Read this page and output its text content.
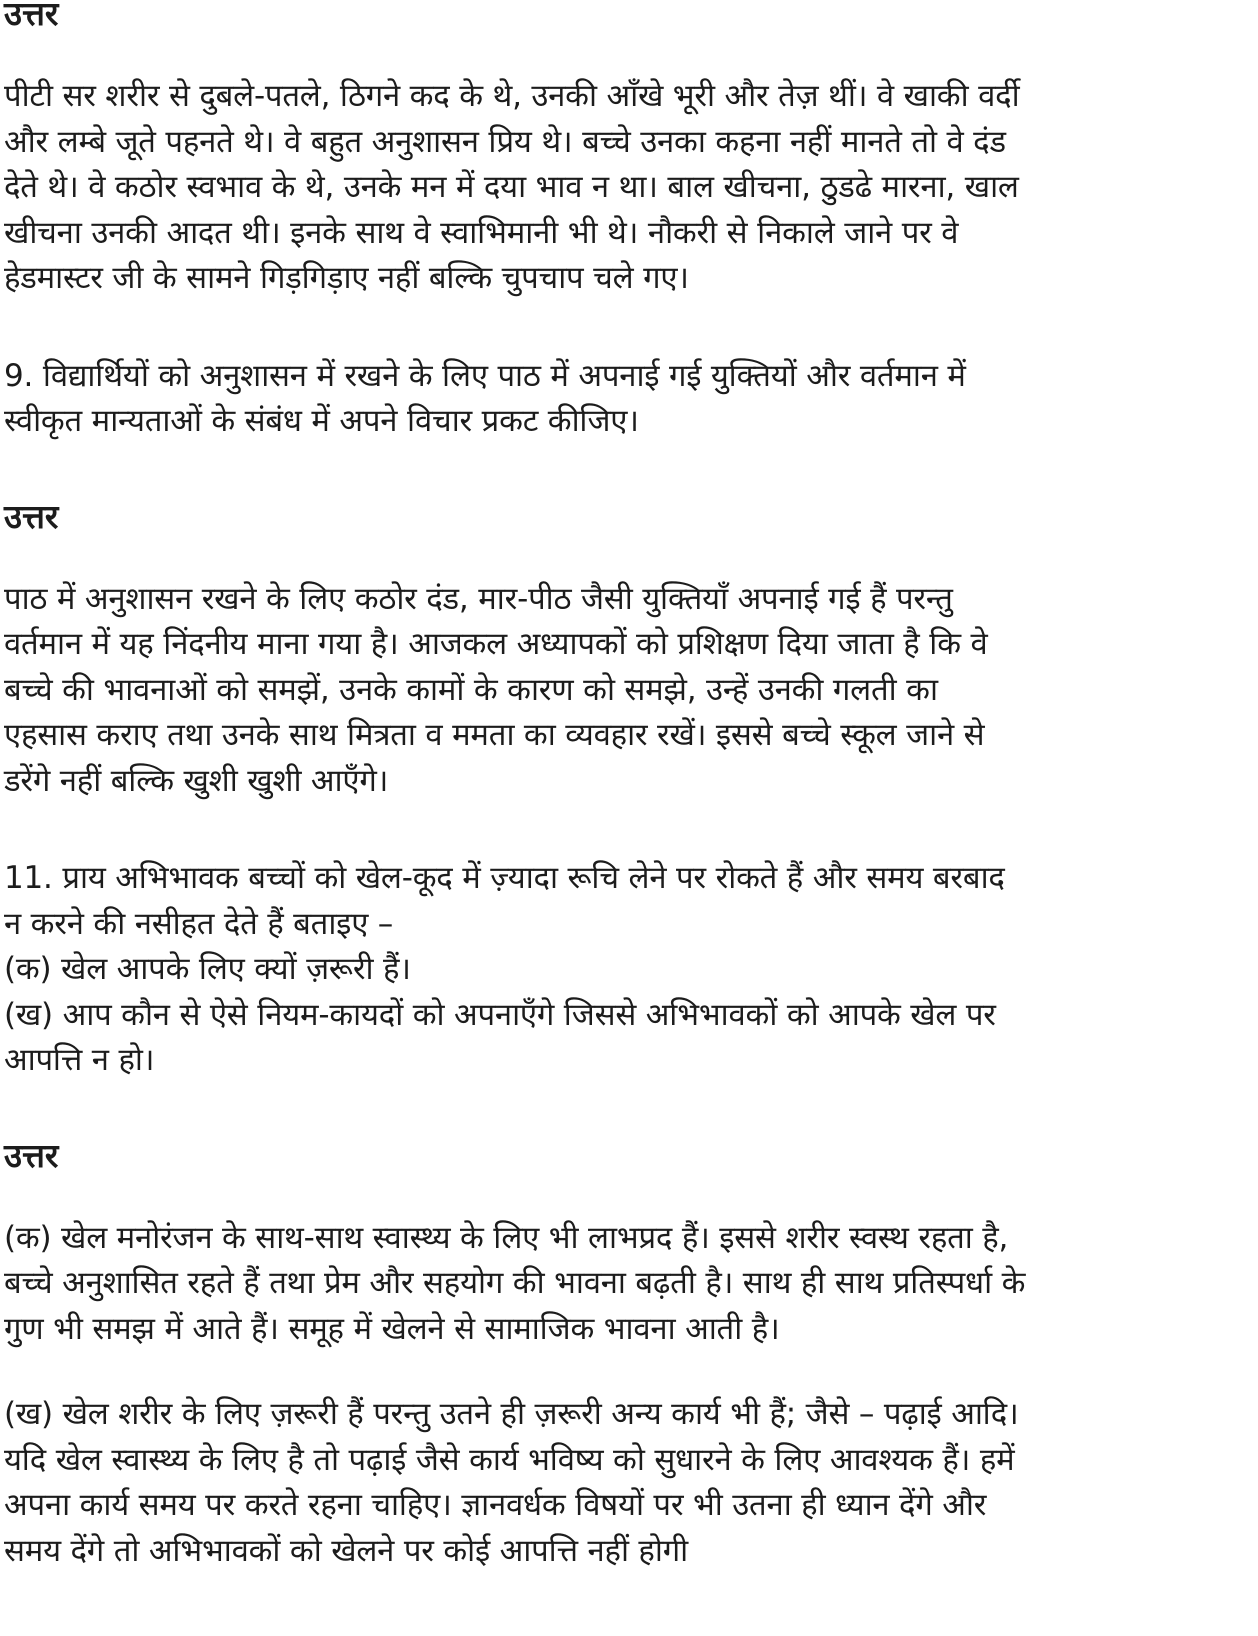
उत्तर

पीटी सर शरीर से दुबले-पतले, ठिगने कद के थे, उनकी आँखे भूरी और तेज़ थीं। वे खाकी वर्दी
और लम्बे जूते पहनते थे। वे बहुत अनुशासन प्रिय थे। बच्चे उनका कहना नहीं मानते तो वे दंड
देते थे। वे कठोर स्वभाव के थे, उनके मन में दया भाव न था। बाल खीचना, ठुडढे मारना, खाल
खीचना उनकी आदत थी। इनके साथ वे स्वाभिमानी भी थे। नौकरी से निकाले जाने पर वे
हेडमास्टर जी के सामने गिड़गिड़ाए नहीं बल्कि चुपचाप चले गए।

9. विद्यार्थियों को अनुशासन में रखने के लिए पाठ में अपनाई गई युक्तियों और वर्तमान में
स्वीकृत मान्यताओं के संबंध में अपने विचार प्रकट कीजिए।

उत्तर

पाठ में अनुशासन रखने के लिए कठोर दंड, मार-पीठ जैसी युक्तियाँ अपनाई गई हैं परन्तु
वर्तमान में यह निंदनीय माना गया है। आजकल अध्यापकों को प्रशिक्षण दिया जाता है कि वे
बच्चे की भावनाओं को समझें, उनके कामों के कारण को समझे, उन्हें उनकी गलती का
एहसास कराए तथा उनके साथ मित्रता व ममता का व्यवहार रखें। इससे बच्चे स्कूल जाने से
डरेंगे नहीं बल्कि खुशी खुशी आएँगे।

11. प्राय अभिभावक बच्चों को खेल-कूद में ज़्यादा रूचि लेने पर रोकते हैं और समय बरबाद
न करने की नसीहत देते हैं बताइए –
(क) खेल आपके लिए क्यों ज़रूरी हैं।
(ख) आप कौन से ऐसे नियम-कायदों को अपनाएँगे जिससे अभिभावकों को आपके खेल पर
आपत्ति न हो।

उत्तर

(क) खेल मनोरंजन के साथ-साथ स्वास्थ्य के लिए भी लाभप्रद हैं। इससे शरीर स्वस्थ रहता है,
बच्चे अनुशासित रहते हैं तथा प्रेम और सहयोग की भावना बढ़ती है। साथ ही साथ प्रतिस्पर्धा के
गुण भी समझ में आते हैं। समूह में खेलने से सामाजिक भावना आती है।

(ख) खेल शरीर के लिए ज़रूरी हैं परन्तु उतने ही ज़रूरी अन्य कार्य भी हैं; जैसे – पढ़ाई आदि।
यदि खेल स्वास्थ्य के लिए है तो पढ़ाई जैसे कार्य भविष्य को सुधारने के लिए आवश्यक हैं। हमें
अपना कार्य समय पर करते रहना चाहिए। ज्ञानवर्धक विषयों पर भी उतना ही ध्यान देंगे और
समय देंगे तो अभिभावकों को खेलने पर कोई आपत्ति नहीं होगी
